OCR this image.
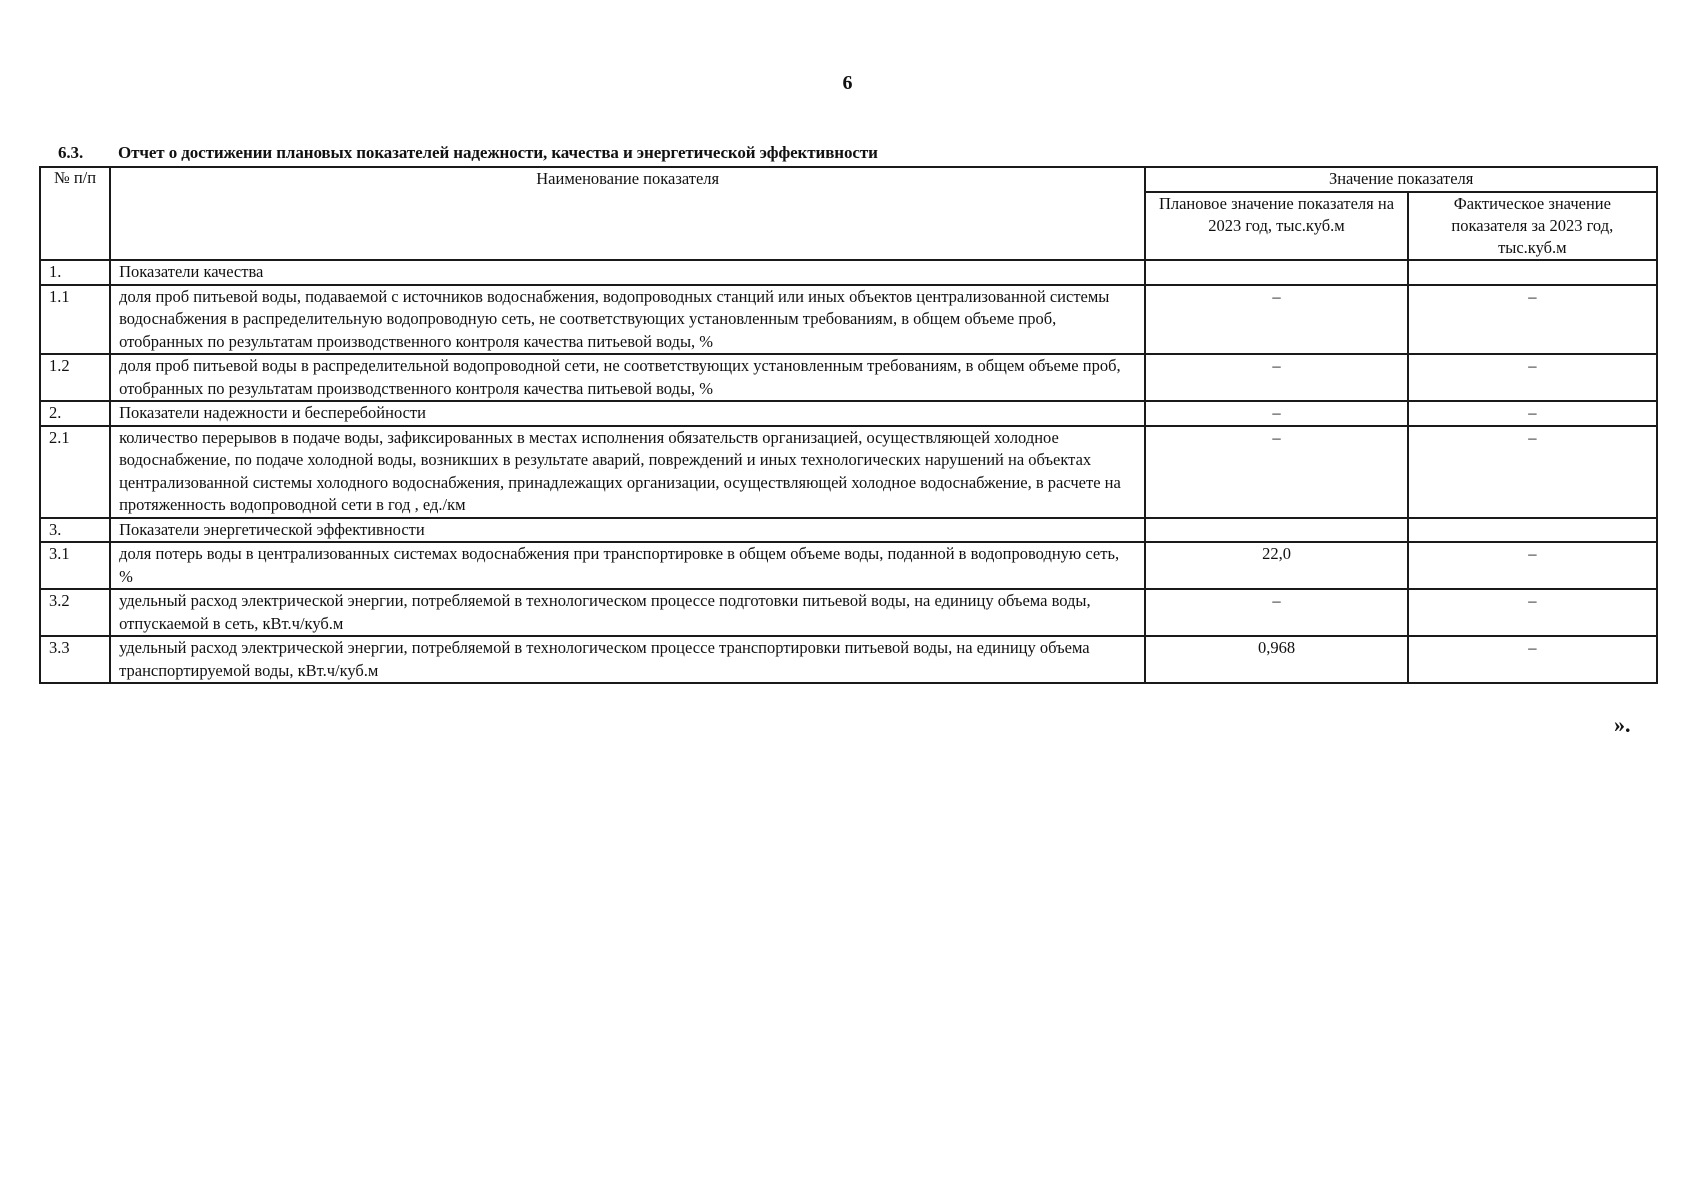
6
6.3. Отчет о достижении плановых показателей надежности, качества и энергетической эффективности
№ п/п	Наименование показателя	Значение показателя	
		Плановое значение показателя на 2023 год, тыс.куб.м	Фактическое значение показателя за 2023 год, тыс.куб.м
1.	Показатели качества		
1.1	доля проб питьевой воды, подаваемой с источников водоснабжения, водопроводных станций или иных объектов централизованной системы водоснабжения в распределительную водопроводную сеть, не соответствующих установленным требованиям, в общем объеме проб, отобранных по результатам производственного контроля качества питьевой воды, %	–	–
1.2	доля проб питьевой воды в распределительной водопроводной сети, не соответствующих установленным требованиям, в общем объеме проб, отобранных по результатам производственного контроля качества питьевой воды, %	–	–
2.	Показатели надежности и бесперебойности	–	–
2.1	количество перерывов в подаче воды, зафиксированных в местах исполнения обязательств организацией, осуществляющей холодное водоснабжение, по подаче холодной воды, возникших в результате аварий, повреждений и иных технологических нарушений на объектах централизованной системы холодного водоснабжения, принадлежащих организации, осуществляющей холодное водоснабжение, в расчете на протяженность водопроводной сети в год , ед./км	–	–
3.	Показатели энергетической эффективности		
3.1	доля потерь воды в централизованных системах водоснабжения при транспортировке в общем объеме воды, поданной в водопроводную сеть, %	22,0	–
3.2	удельный расход электрической энергии, потребляемой в технологическом процессе подготовки питьевой воды, на единицу объема воды, отпускаемой в сеть, кВт.ч/куб.м	–	–
3.3	удельный расход электрической энергии, потребляемой в технологическом процессе транспортировки питьевой воды, на единицу объема транспортируемой воды, кВт.ч/куб.м	0,968	–
».
